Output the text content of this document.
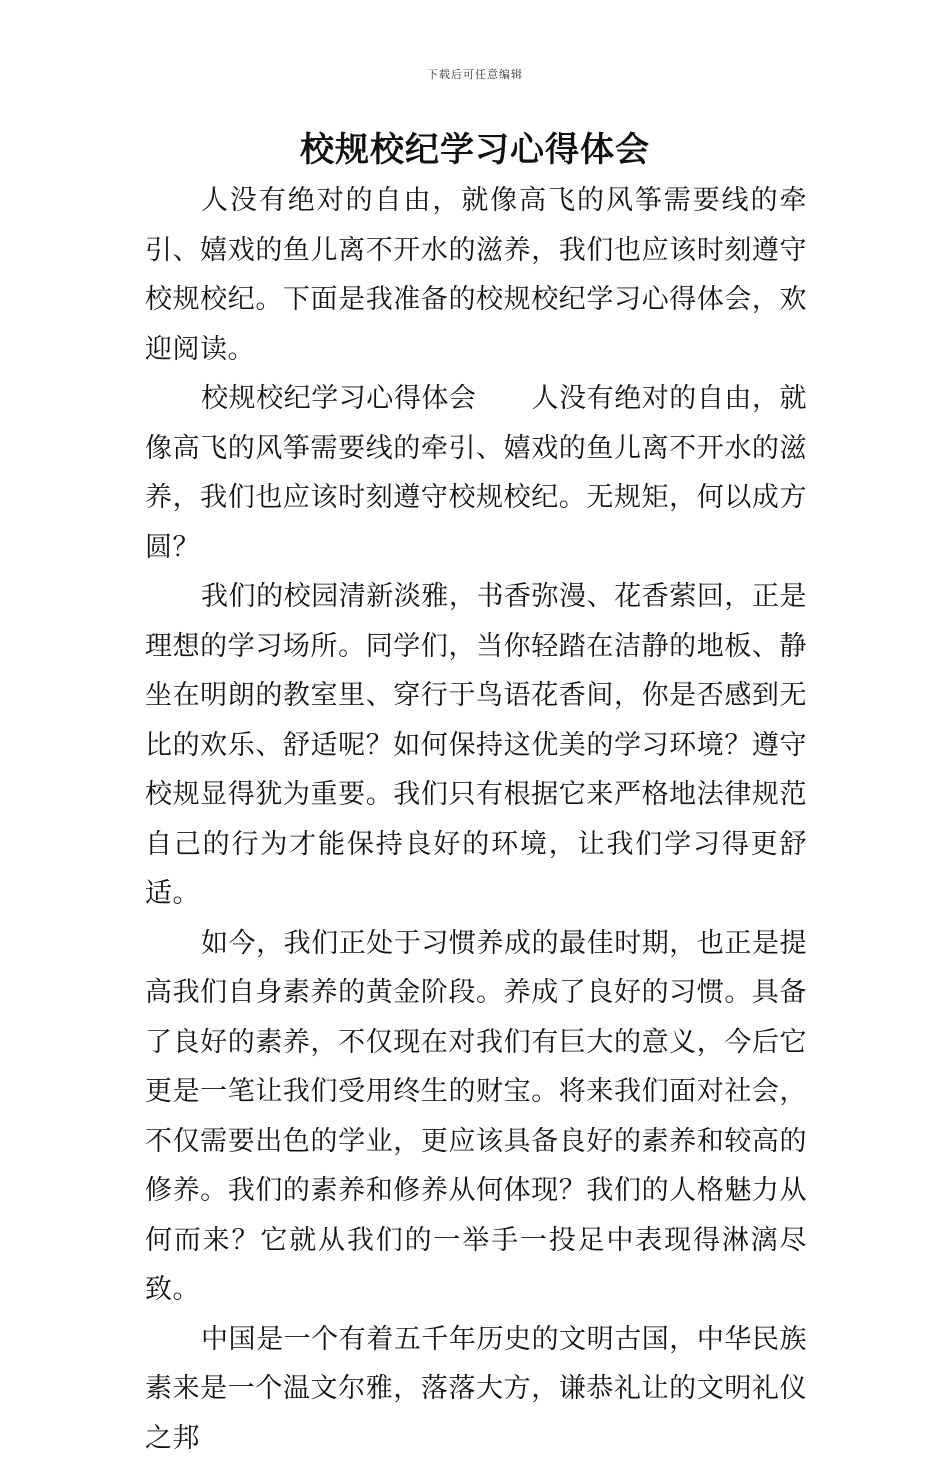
下载后可任意编辑
校规校纪学习心得体会

人没有绝对的自由，就像高飞的风筝需要线的牵引、嬉戏的鱼儿离不开水的滋养，我们也应该时刻遵守校规校纪。下面是我准备的校规校纪学习心得体会，欢迎阅读。

校规校纪学习心得体会　　人没有绝对的自由，就像高飞的风筝需要线的牵引、嬉戏的鱼儿离不开水的滋养，我们也应该时刻遵守校规校纪。无规矩，何以成方圆？

我们的校园清新淡雅，书香弥漫、花香萦回，正是理想的学习场所。同学们，当你轻踏在洁静的地板、静坐在明朗的教室里、穿行于鸟语花香间，你是否感到无比的欢乐、舒适呢？如何保持这优美的学习环境？遵守校规显得犹为重要。我们只有根据它来严格地法律规范自己的行为才能保持良好的环境，让我们学习得更舒适。

如今，我们正处于习惯养成的最佳时期，也正是提高我们自身素养的黄金阶段。养成了良好的习惯。具备了良好的素养，不仅现在对我们有巨大的意义，今后它更是一笔让我们受用终生的财宝。将来我们面对社会，不仅需要出色的学业，更应该具备良好的素养和较高的修养。我们的素养和修养从何体现？我们的人格魅力从何而来？它就从我们的一举手一投足中表现得淋漓尽致。

中国是一个有着五千年历史的文明古国，中华民族素来是一个温文尔雅，落落大方，谦恭礼让的文明礼仪之邦
